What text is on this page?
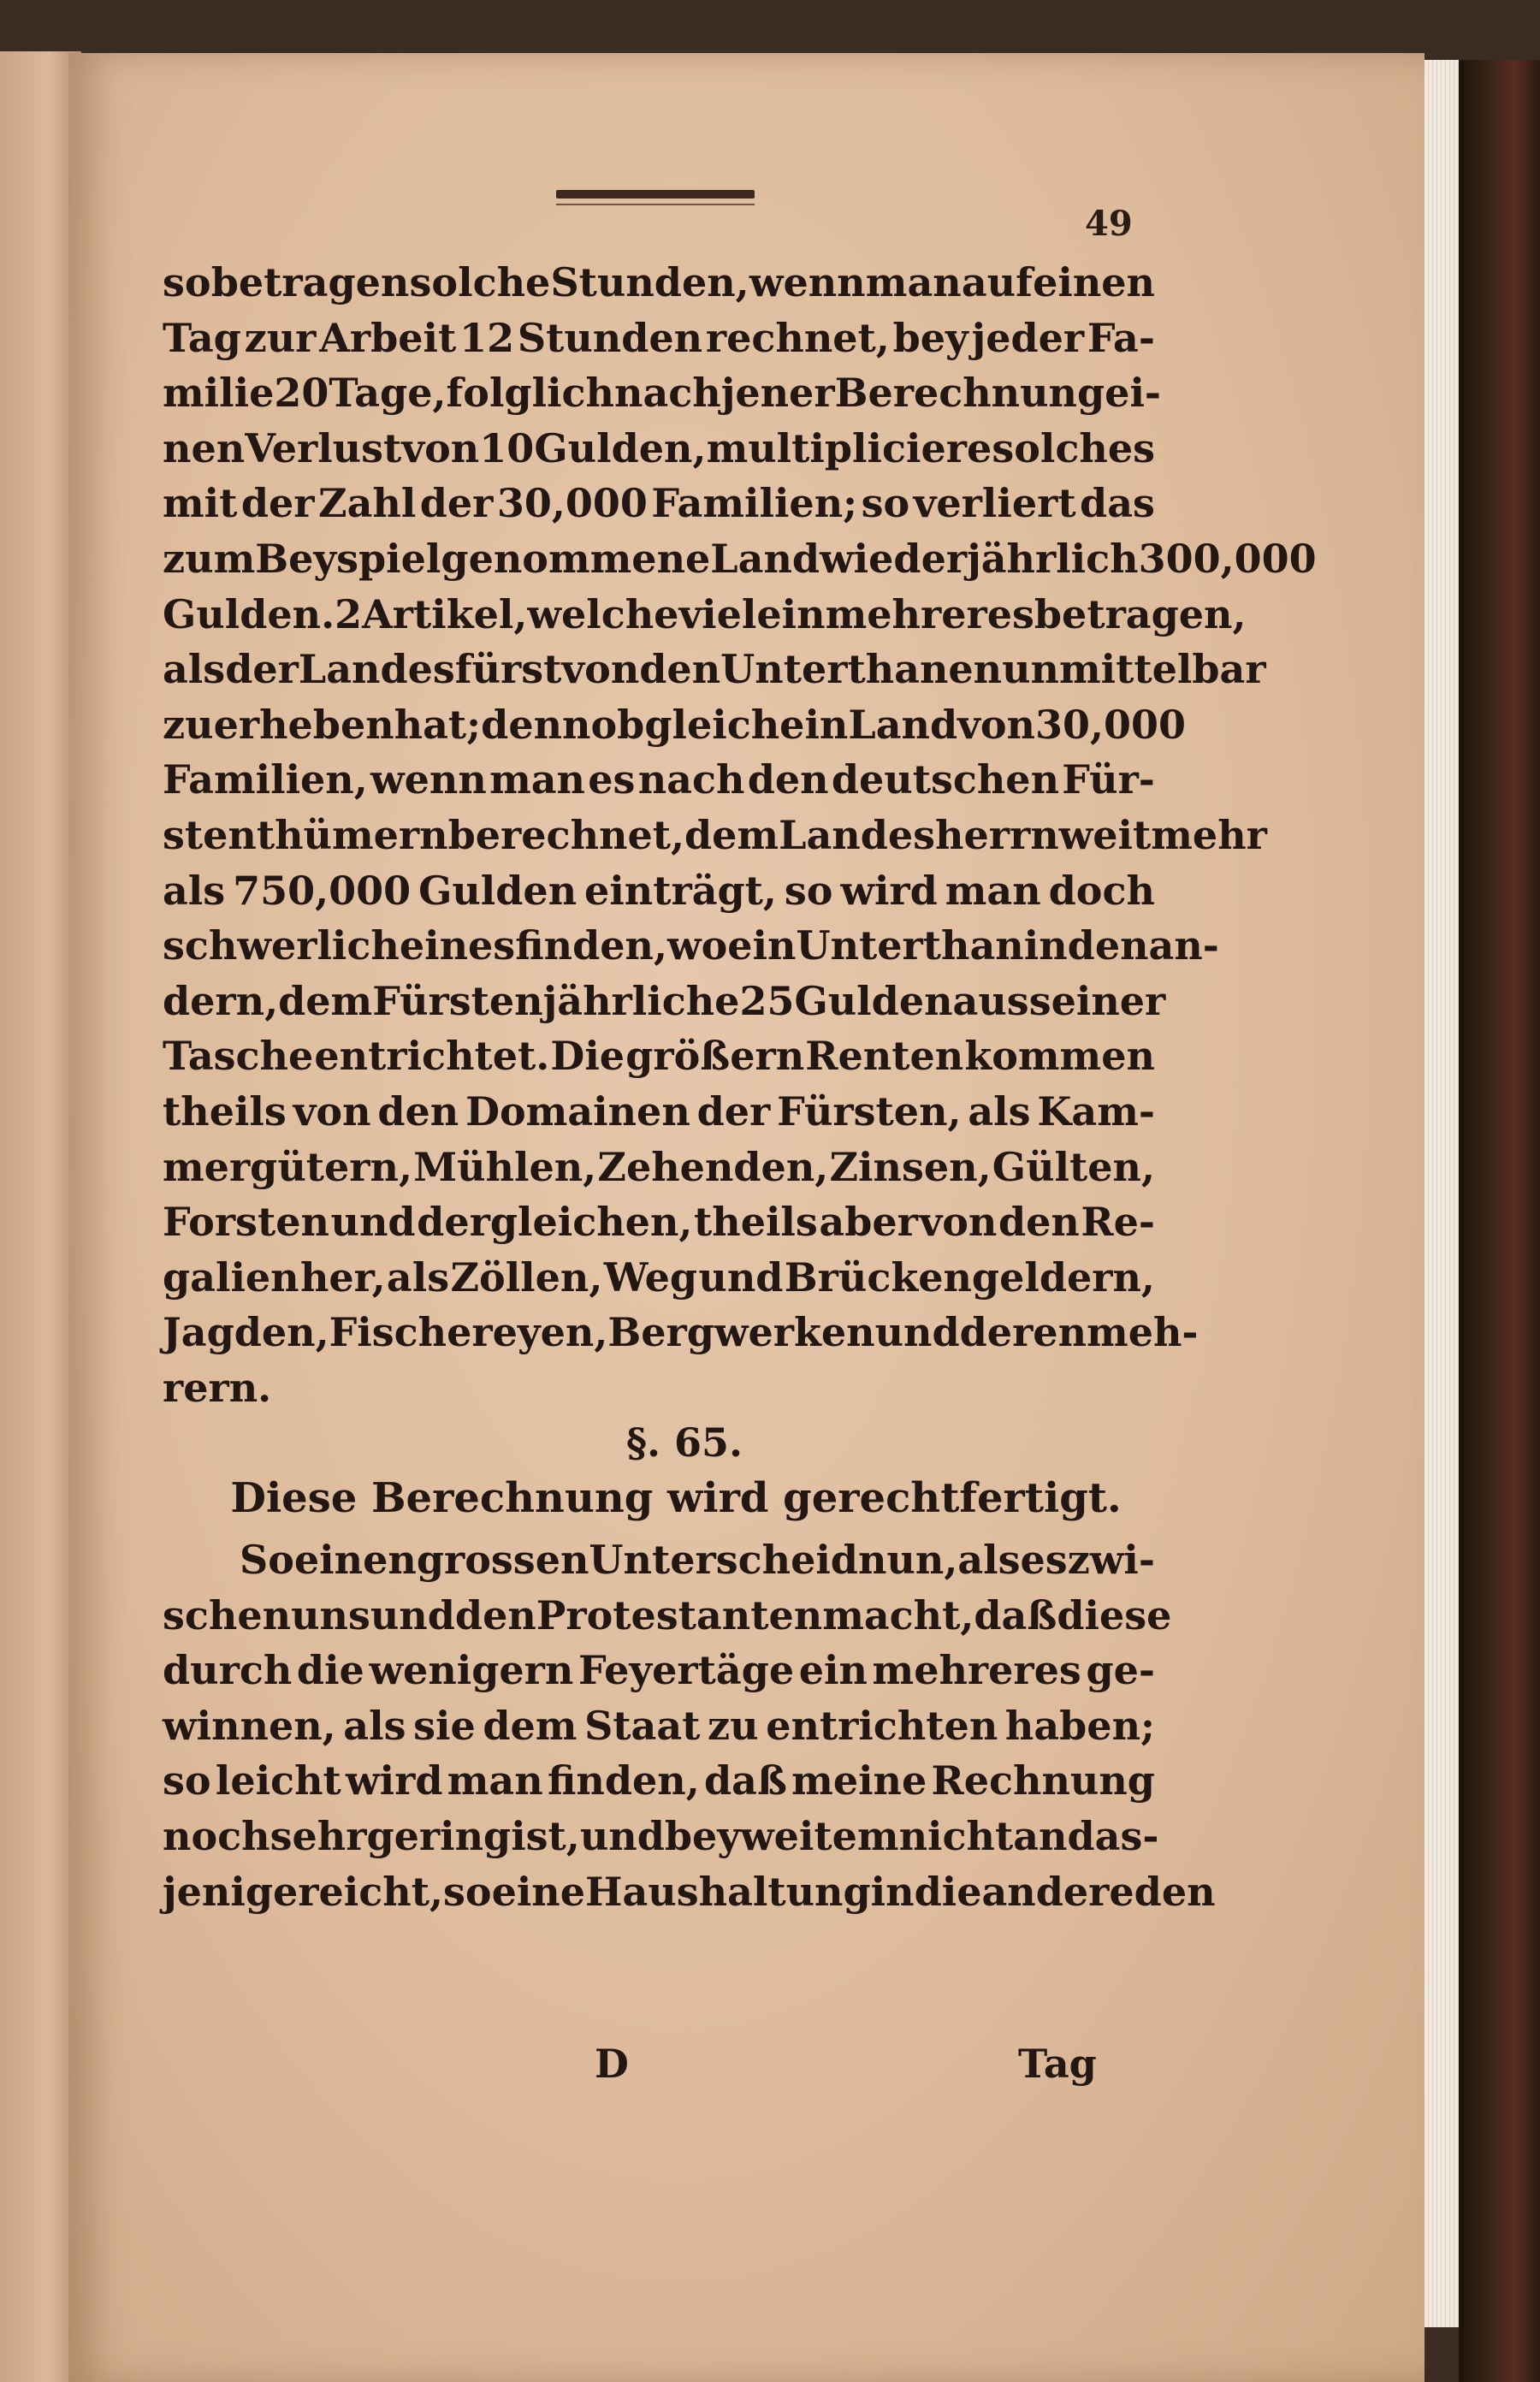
49
so betragen solche Stunden, wenn man auf einen
Tag zur Arbeit 12 Stunden rechnet, bey jeder Fa-
milie 20 Tage, folglich nach jener Berechnung ei-
nen Verlust von 10 Gulden, multipliciere solches
mit der Zahl der 30,000 Familien; so verliert das
zum Beyspiel genommene Land wieder jährlich 300,000
Gulden. 2 Artikel, welche viel ein mehreres betragen,
als der Landesfürst von den Unterthanen unmittelbar
zu erheben hat; denn obgleich ein Land von 30,000
Familien, wenn man es nach den deutschen Für-
stenthümern berechnet, dem Landesherrn weit mehr
als 750,000 Gulden einträgt, so wird man doch
schwerlich eines finden, wo ein Unterthan in den an-
dern, dem Fürsten jährliche 25 Gulden aus seiner
Tasche entrichtet. Die größern Renten kommen
theils von den Domainen der Fürsten, als Kam-
mergütern, Mühlen, Zehenden, Zinsen, Gülten,
Forsten und dergleichen, theils aber von den Re-
galien her, als Zöllen, Weg und Brückengeldern,
Jagden, Fischereyen, Bergwerken und deren meh-
rern.
§. 65.
Diese Berechnung wird gerechtfertigt.
So einen grossen Unterscheid nun, als es zwi-
schen uns und den Protestanten macht, daß diese
durch die wenigern Feyertäge ein mehreres ge-
winnen, als sie dem Staat zu entrichten haben;
so leicht wird man finden, daß meine Rechnung
noch sehr gering ist, und bey weitem nicht an das-
jenige reicht, so eine Haushaltung in die andere den
D	Tag
